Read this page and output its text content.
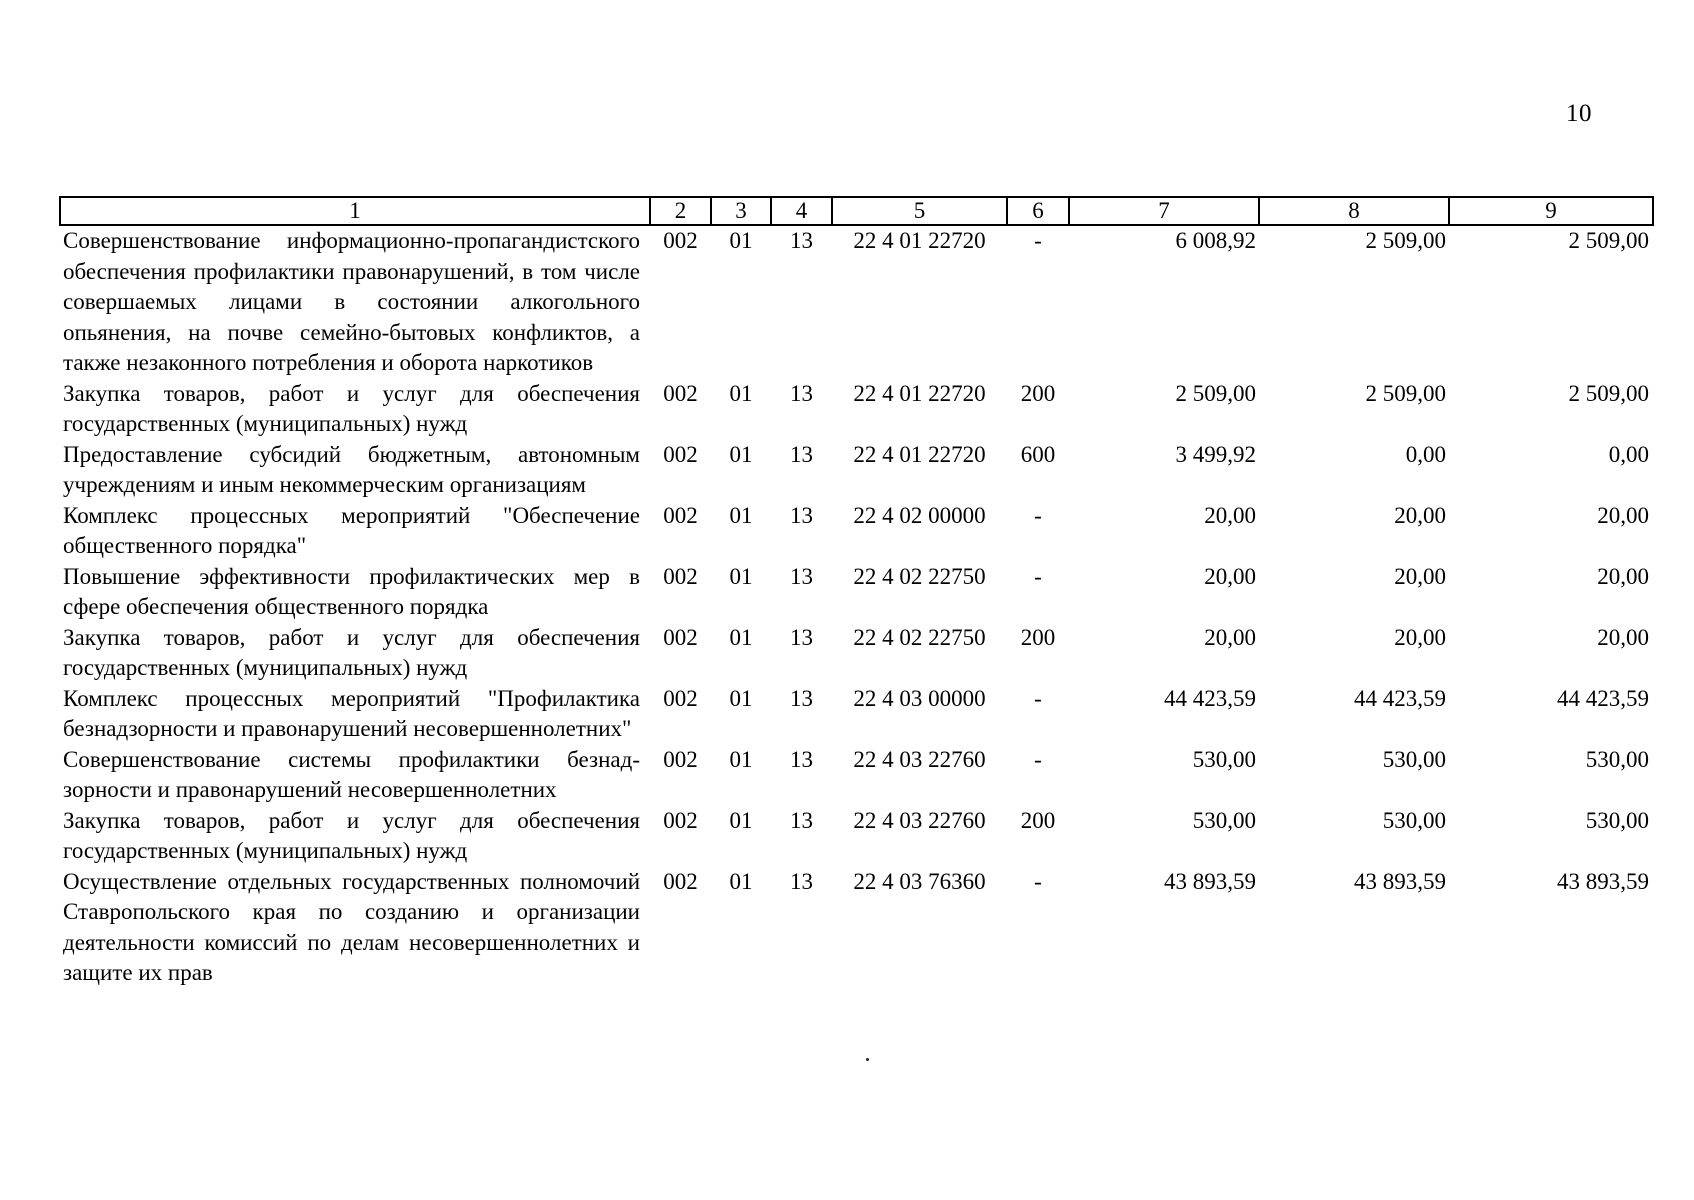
10
1	2	3	4	5	6	7	8	9
Совершенствование информационно-пропагандистского обеспечения профилактики правонарушений, в том числе совершаемых лицами в состоянии алкогольного опьянения, на почве семейно-бытовых конфликтов, а также незаконного потребления и оборота наркотиков	002	01	13	22 4 01 22720	-	6 008,92	2 509,00	2 509,00
Закупка товаров, работ и услуг для обеспечения государственных (муниципальных) нужд	002	01	13	22 4 01 22720	200	2 509,00	2 509,00	2 509,00
Предоставление субсидий бюджетным, автономным учреждениям и иным некоммерческим организациям	002	01	13	22 4 01 22720	600	3 499,92	0,00	0,00
Комплекс процессных мероприятий "Обеспечение общественного порядка"	002	01	13	22 4 02 00000	-	20,00	20,00	20,00
Повышение эффективности профилактических мер в сфере обеспечения общественного порядка	002	01	13	22 4 02 22750	-	20,00	20,00	20,00
Закупка товаров, работ и услуг для обеспечения государственных (муниципальных) нужд	002	01	13	22 4 02 22750	200	20,00	20,00	20,00
Комплекс процессных мероприятий "Профилактика безнадзорности и правонарушений несовершеннолетних"	002	01	13	22 4 03 00000	-	44 423,59	44 423,59	44 423,59
Совершенствование системы профилактики безнадзорности и правонарушений несовершеннолетних	002	01	13	22 4 03 22760	-	530,00	530,00	530,00
Закупка товаров, работ и услуг для обеспечения государственных (муниципальных) нужд	002	01	13	22 4 03 22760	200	530,00	530,00	530,00
Осуществление отдельных государственных полномочий Ставропольского края по созданию и организации деятельности комиссий по делам несовершеннолетних и защите их прав	002	01	13	22 4 03 76360	-	43 893,59	43 893,59	43 893,59
